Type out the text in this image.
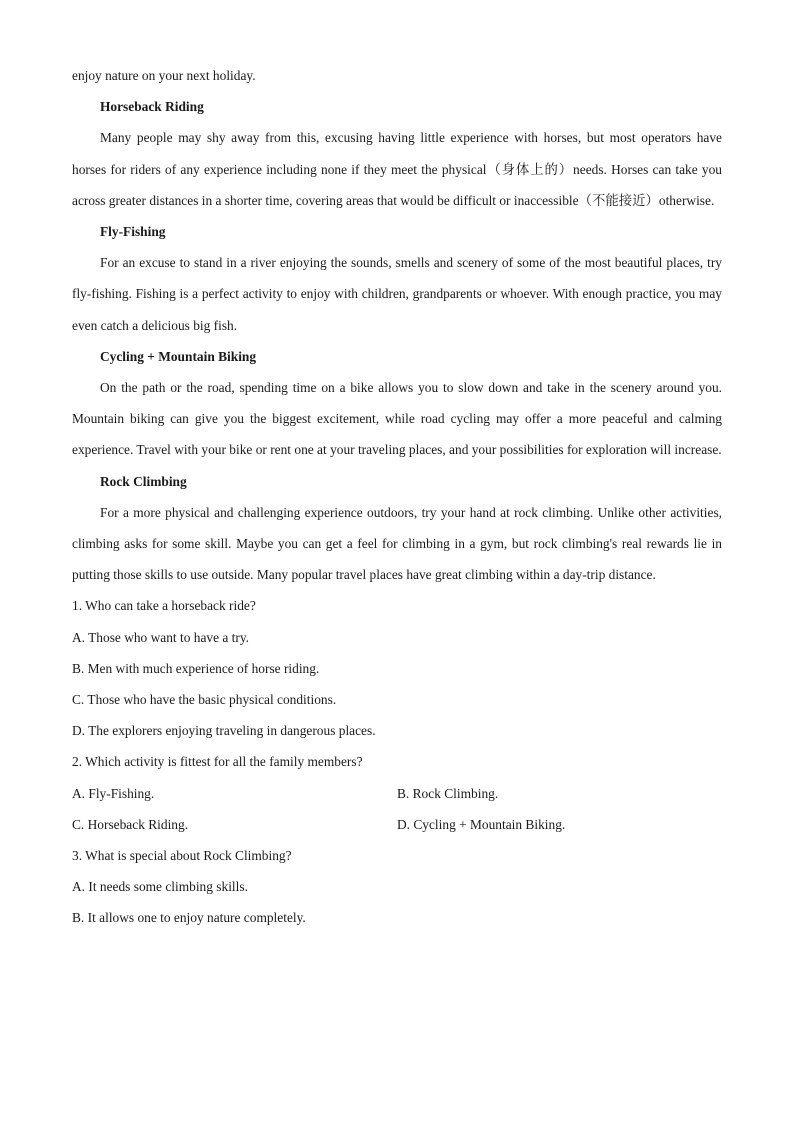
enjoy nature on your next holiday.

Horseback Riding

Many people may shy away from this, excusing having little experience with horses, but most operators have horses for riders of any experience including none if they meet the physical（身体上的）needs. Horses can take you across greater distances in a shorter time, covering areas that would be difficult or inaccessible（不能接近）otherwise.

Fly-Fishing

For an excuse to stand in a river enjoying the sounds, smells and scenery of some of the most beautiful places, try fly-fishing. Fishing is a perfect activity to enjoy with children, grandparents or whoever. With enough practice, you may even catch a delicious big fish.

Cycling + Mountain Biking

On the path or the road, spending time on a bike allows you to slow down and take in the scenery around you. Mountain biking can give you the biggest excitement, while road cycling may offer a more peaceful and calming experience. Travel with your bike or rent one at your traveling places, and your possibilities for exploration will increase.

Rock Climbing

For a more physical and challenging experience outdoors, try your hand at rock climbing. Unlike other activities, climbing asks for some skill. Maybe you can get a feel for climbing in a gym, but rock climbing's real rewards lie in putting those skills to use outside. Many popular travel places have great climbing within a day-trip distance.

1. Who can take a horseback ride?

A. Those who want to have a try.

B. Men with much experience of horse riding.

C. Those who have the basic physical conditions.

D. The explorers enjoying traveling in dangerous places.

2. Which activity is fittest for all the family members?

A. Fly-Fishing.	B. Rock Climbing.
C. Horseback Riding.	D. Cycling + Mountain Biking.

3. What is special about Rock Climbing?

A. It needs some climbing skills.

B. It allows one to enjoy nature completely.
